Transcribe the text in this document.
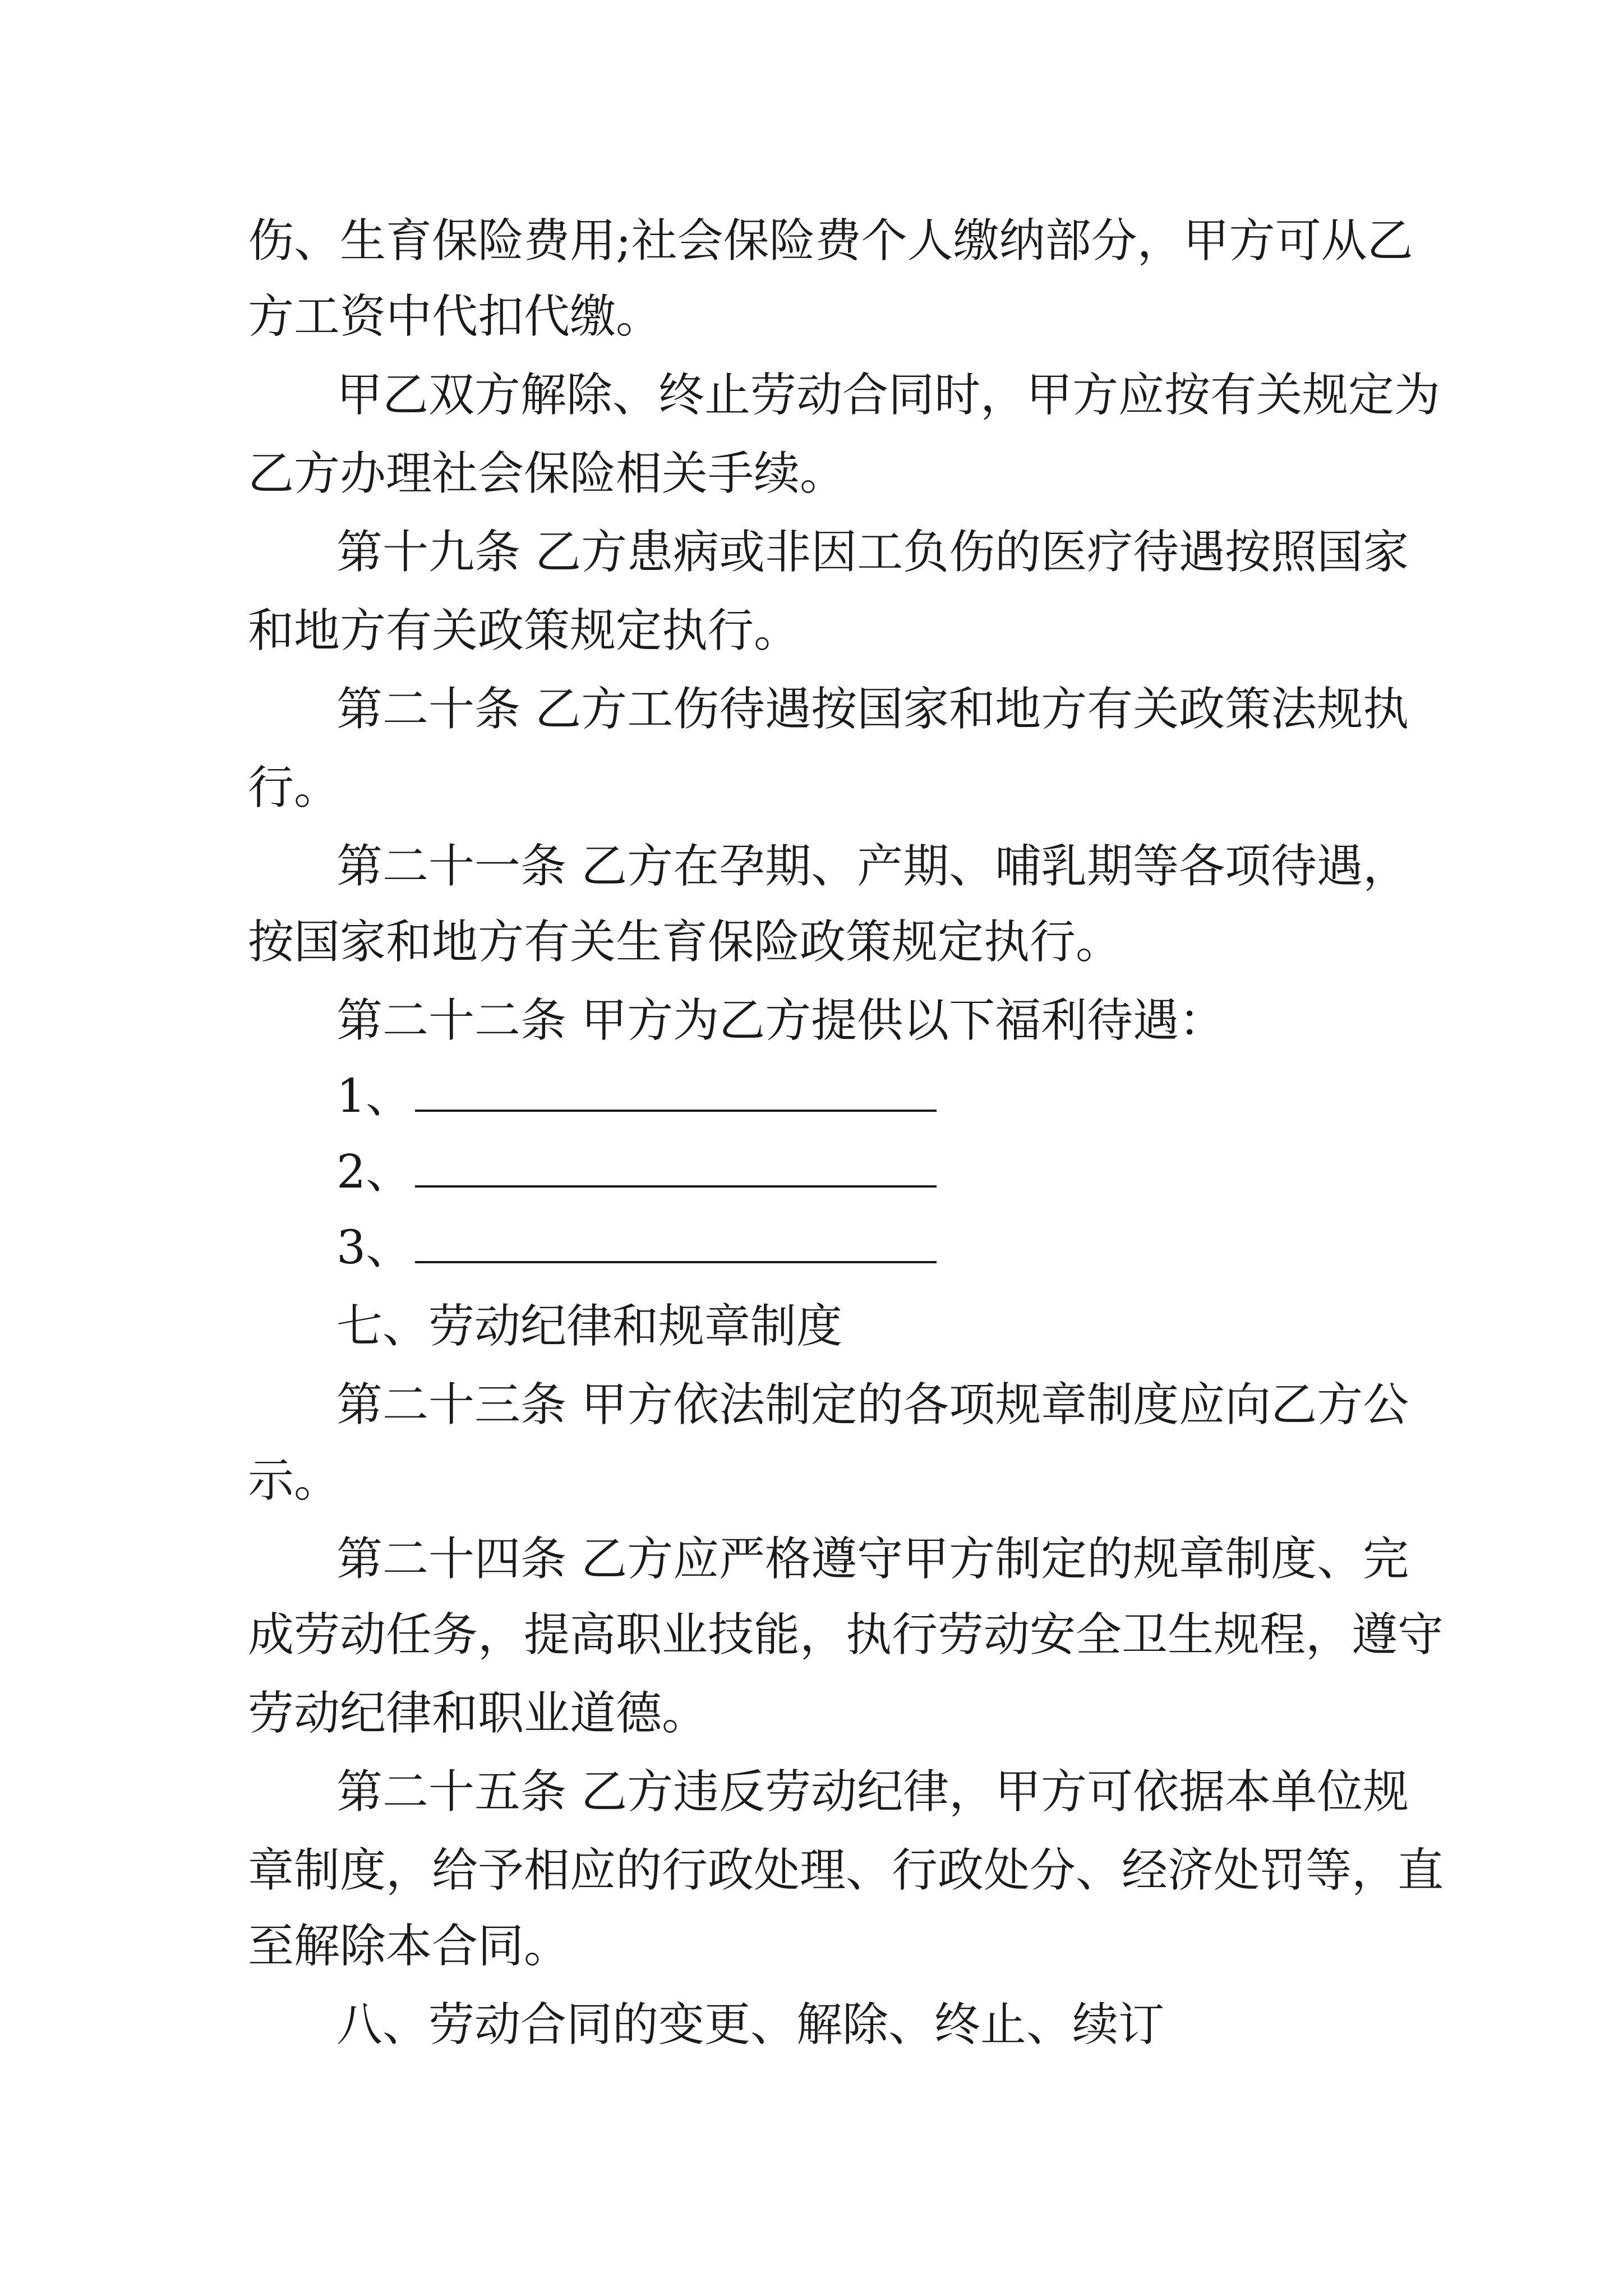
伤、生育保险费用;社会保险费个人缴纳部分，甲方可从乙
方工资中代扣代缴。
甲乙双方解除、终止劳动合同时，甲方应按有关规定为
乙方办理社会保险相关手续。
第十九条 乙方患病或非因工负伤的医疗待遇按照国家
和地方有关政策规定执行。
第二十条 乙方工伤待遇按国家和地方有关政策法规执
行。
第二十一条 乙方在孕期、产期、哺乳期等各项待遇，
按国家和地方有关生育保险政策规定执行。
第二十二条 甲方为乙方提供以下福利待遇：
1、
2、
3、
七、劳动纪律和规章制度
第二十三条 甲方依法制定的各项规章制度应向乙方公
示。
第二十四条 乙方应严格遵守甲方制定的规章制度、完
成劳动任务，提高职业技能，执行劳动安全卫生规程，遵守
劳动纪律和职业道德。
第二十五条 乙方违反劳动纪律，甲方可依据本单位规
章制度，给予相应的行政处理、行政处分、经济处罚等，直
至解除本合同。
八、劳动合同的变更、解除、终止、续订
